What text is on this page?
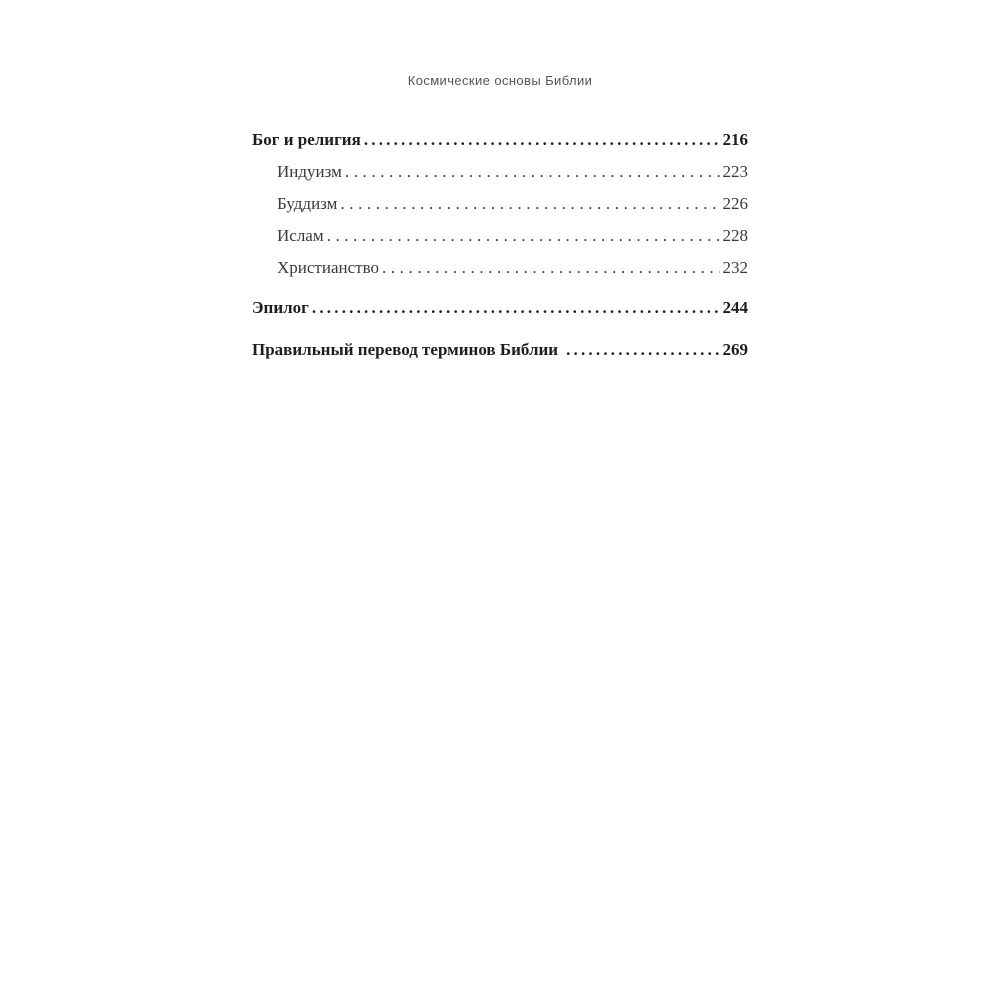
Космические основы Библии
Бог и религия .....	216
Индуизм .....	223
Буддизм .....	226
Ислам .....	228
Христианство .....	232
Эпилог .....	244
Правильный перевод терминов Библии .....	269
